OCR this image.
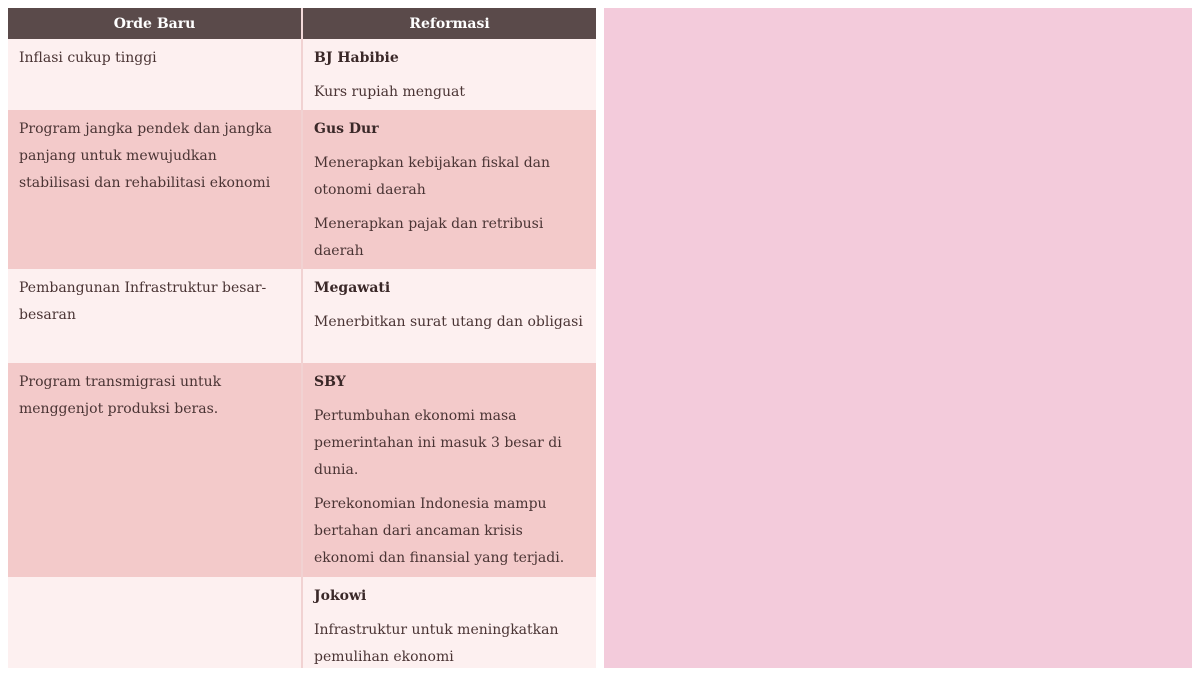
Orde Baru	Reformasi
Inflasi cukup tinggi	BJ Habibie
Kurs rupiah menguat

Program jangka pendek dan jangka panjang untuk mewujudkan stabilisasi dan rehabilitasi ekonomi	Gus Dur
Menerapkan kebijakan fiskal dan otonomi daerah
Menerapkan pajak dan retribusi daerah

Pembangunan Infrastruktur besar-besaran	Megawati
Menerbitkan surat utang dan obligasi

Program transmigrasi untuk menggenjot produksi beras.	SBY
Pertumbuhan ekonomi masa pemerintahan ini masuk 3 besar di dunia.
Perekonomian Indonesia mampu bertahan dari ancaman krisis ekonomi dan finansial yang terjadi.

	Jokowi
Infrastruktur untuk meningkatkan pemulihan ekonomi
